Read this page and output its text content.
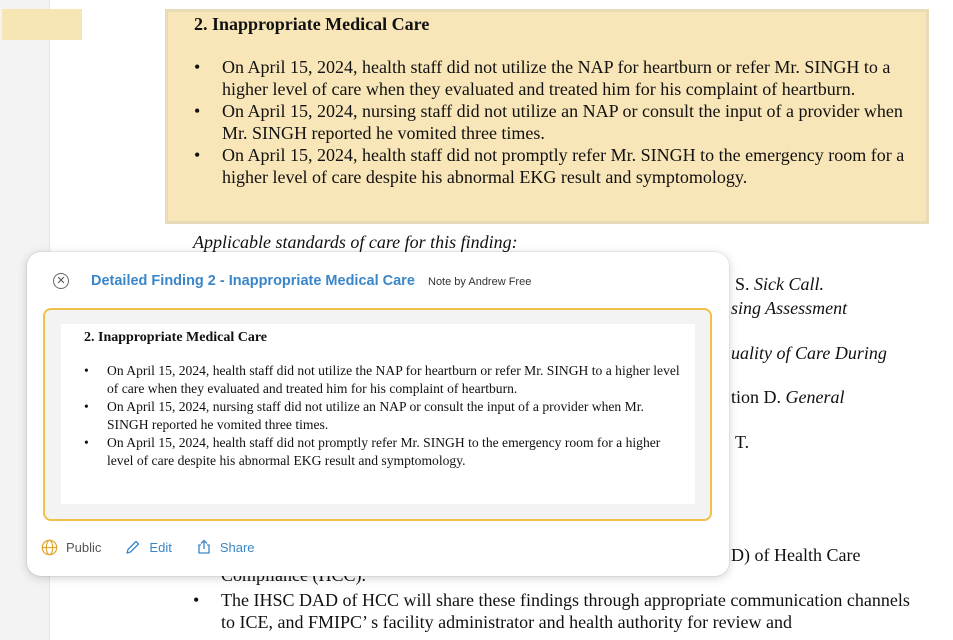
2. Inappropriate Medical Care
• On April 15, 2024, health staff did not utilize the NAP for heartburn or refer Mr. SINGH to a higher level of care when they evaluated and treated him for his complaint of heartburn.
• On April 15, 2024, nursing staff did not utilize an NAP or consult the input of a provider when Mr. SINGH reported he vomited three times.
• On April 15, 2024, health staff did not promptly refer Mr. SINGH to the emergency room for a higher level of care despite his abnormal EKG result and symptomology.
Applicable standards of care for this finding:
S. Sick Call.
sing Assessment
uality of Care During
tion D. General
T.
D) of Health Care
• The IHSC DAD of HCC will share these findings through appropriate communication channels to ICE, and FMIPC’ s facility administrator and health authority for review and
✕ Detailed Finding 2 - Inappropriate Medical Care Note by Andrew Free
2. Inappropriate Medical Care
• On April 15, 2024, health staff did not utilize the NAP for heartburn or refer Mr. SINGH to a higher level of care when they evaluated and treated him for his complaint of heartburn.
• On April 15, 2024, nursing staff did not utilize an NAP or consult the input of a provider when Mr. SINGH reported he vomited three times.
• On April 15, 2024, health staff did not promptly refer Mr. SINGH to the emergency room for a higher level of care despite his abnormal EKG result and symptomology.
Public	Edit	Share
